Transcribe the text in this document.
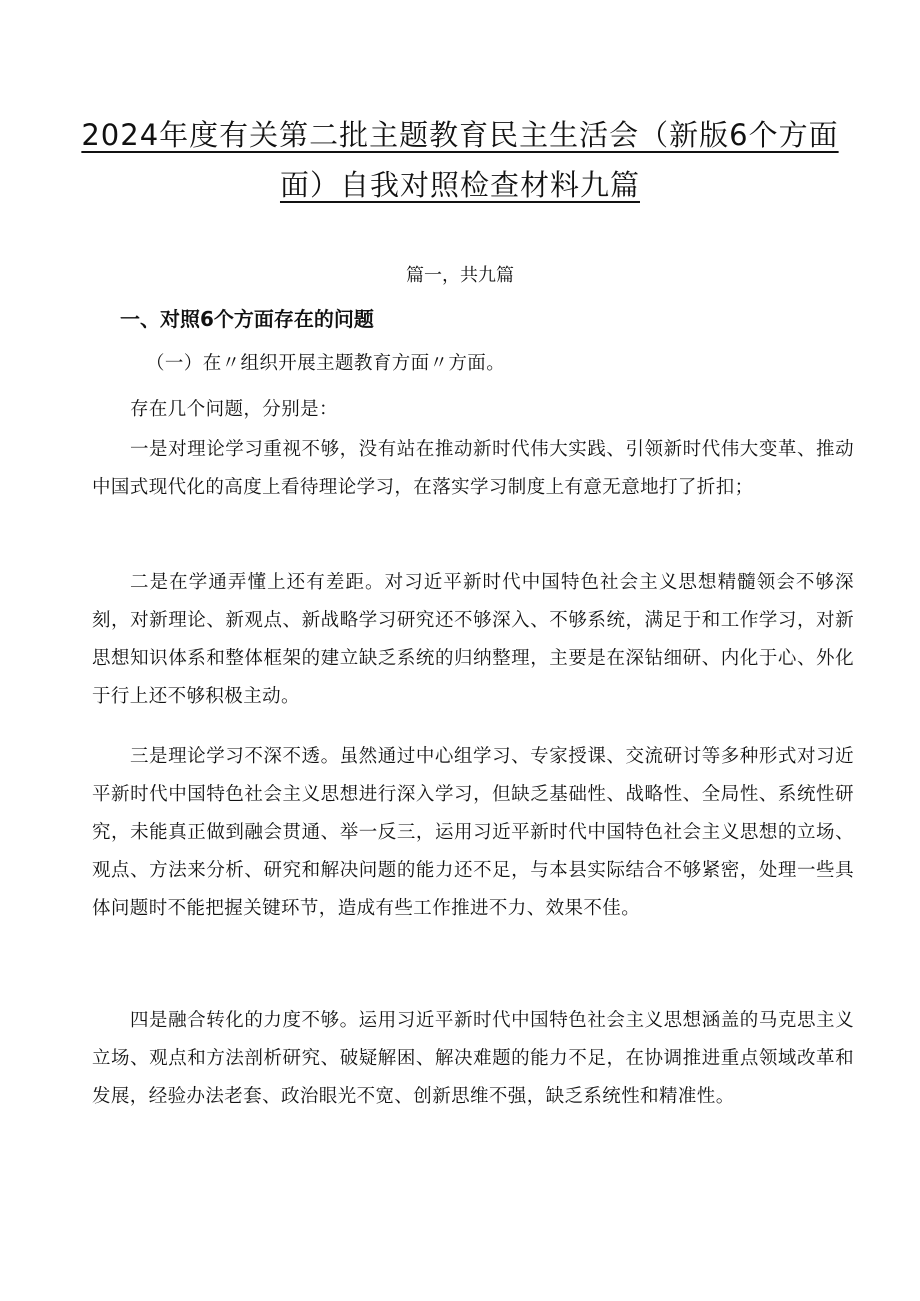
2024年度有关第二批主题教育民主生活会（新版6个方面
面）自我对照检查材料九篇
篇一，共九篇
一、对照6个方面存在的问题

（一）在〃组织开展主题教育方面〃方面。

存在几个问题，分别是：

一是对理论学习重视不够，没有站在推动新时代伟大实践、引领新时代伟大变革、推动中国式现代化的高度上看待理论学习，在落实学习制度上有意无意地打了折扣；

二是在学通弄懂上还有差距。对习近平新时代中国特色社会主义思想精髓领会不够深刻，对新理论、新观点、新战略学习研究还不够深入、不够系统，满足于和工作学习，对新思想知识体系和整体框架的建立缺乏系统的归纳整理，主要是在深钻细研、内化于心、外化于行上还不够积极主动。

三是理论学习不深不透。虽然通过中心组学习、专家授课、交流研讨等多种形式对习近平新时代中国特色社会主义思想进行深入学习，但缺乏基础性、战略性、全局性、系统性研究，未能真正做到融会贯通、举一反三，运用习近平新时代中国特色社会主义思想的立场、观点、方法来分析、研究和解决问题的能力还不足，与本县实际结合不够紧密，处理一些具体问题时不能把握关键环节，造成有些工作推进不力、效果不佳。

四是融合转化的力度不够。运用习近平新时代中国特色社会主义思想涵盖的马克思主义立场、观点和方法剖析研究、破疑解困、解决难题的能力不足，在协调推进重点领域改革和发展，经验办法老套、政治眼光不宽、创新思维不强，缺乏系统性和精准性。
